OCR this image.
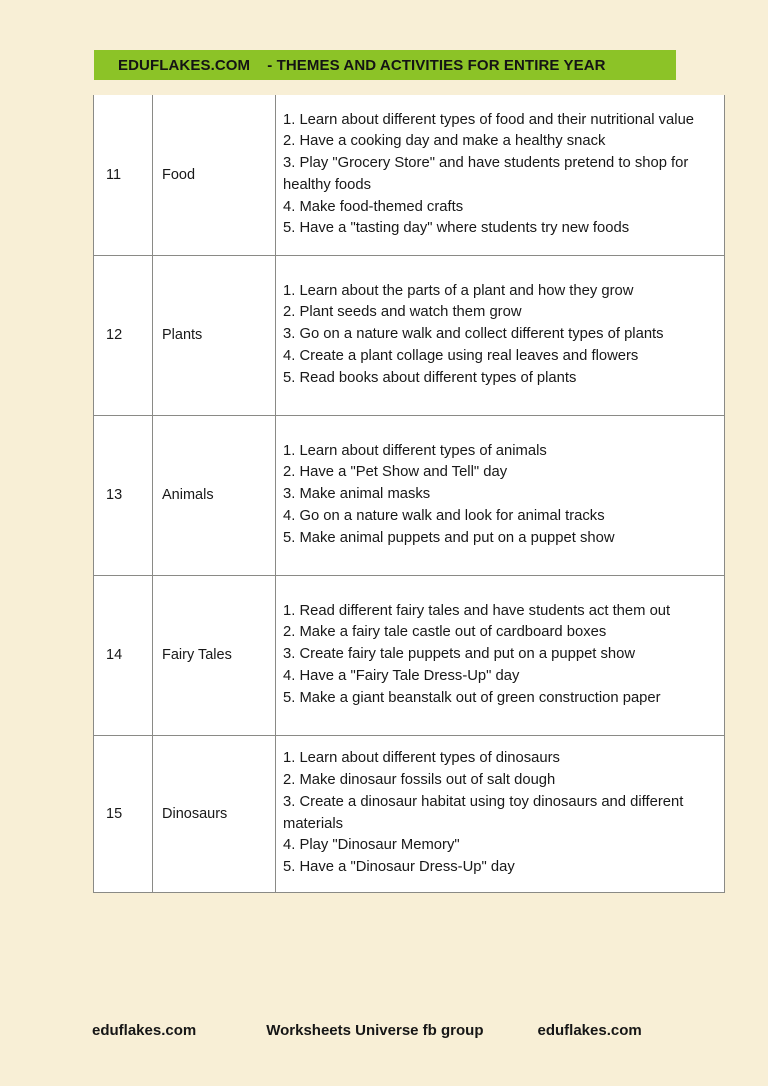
EDUFLAKES.COM    - THEMES AND ACTIVITIES FOR ENTIRE YEAR
11	Food	
1. Learn about different types of food and their nutritional value
2. Have a cooking day and make a healthy snack
3. Play "Grocery Store" and have students pretend to shop for healthy foods
4. Make food-themed crafts
5. Have a "tasting day" where students try new foods

12	Plants	
1. Learn about the parts of a plant and how they grow
2. Plant seeds and watch them grow
3. Go on a nature walk and collect different types of plants
4. Create a plant collage using real leaves and flowers
5. Read books about different types of plants

13	Animals	
1. Learn about different types of animals
2. Have a "Pet Show and Tell" day
3. Make animal masks
4. Go on a nature walk and look for animal tracks
5. Make animal puppets and put on a puppet show

14	Fairy Tales	
1. Read different fairy tales and have students act them out
2. Make a fairy tale castle out of cardboard boxes
3. Create fairy tale puppets and put on a puppet show
4. Have a "Fairy Tale Dress-Up" day
5. Make a giant beanstalk out of green construction paper

15	Dinosaurs	
1. Learn about different types of dinosaurs
2. Make dinosaur fossils out of salt dough
3. Create a dinosaur habitat using toy dinosaurs and different materials
4. Play "Dinosaur Memory"
5. Have a "Dinosaur Dress-Up" day
eduflakes.com	Worksheets Universe fb group	eduflakes.com
